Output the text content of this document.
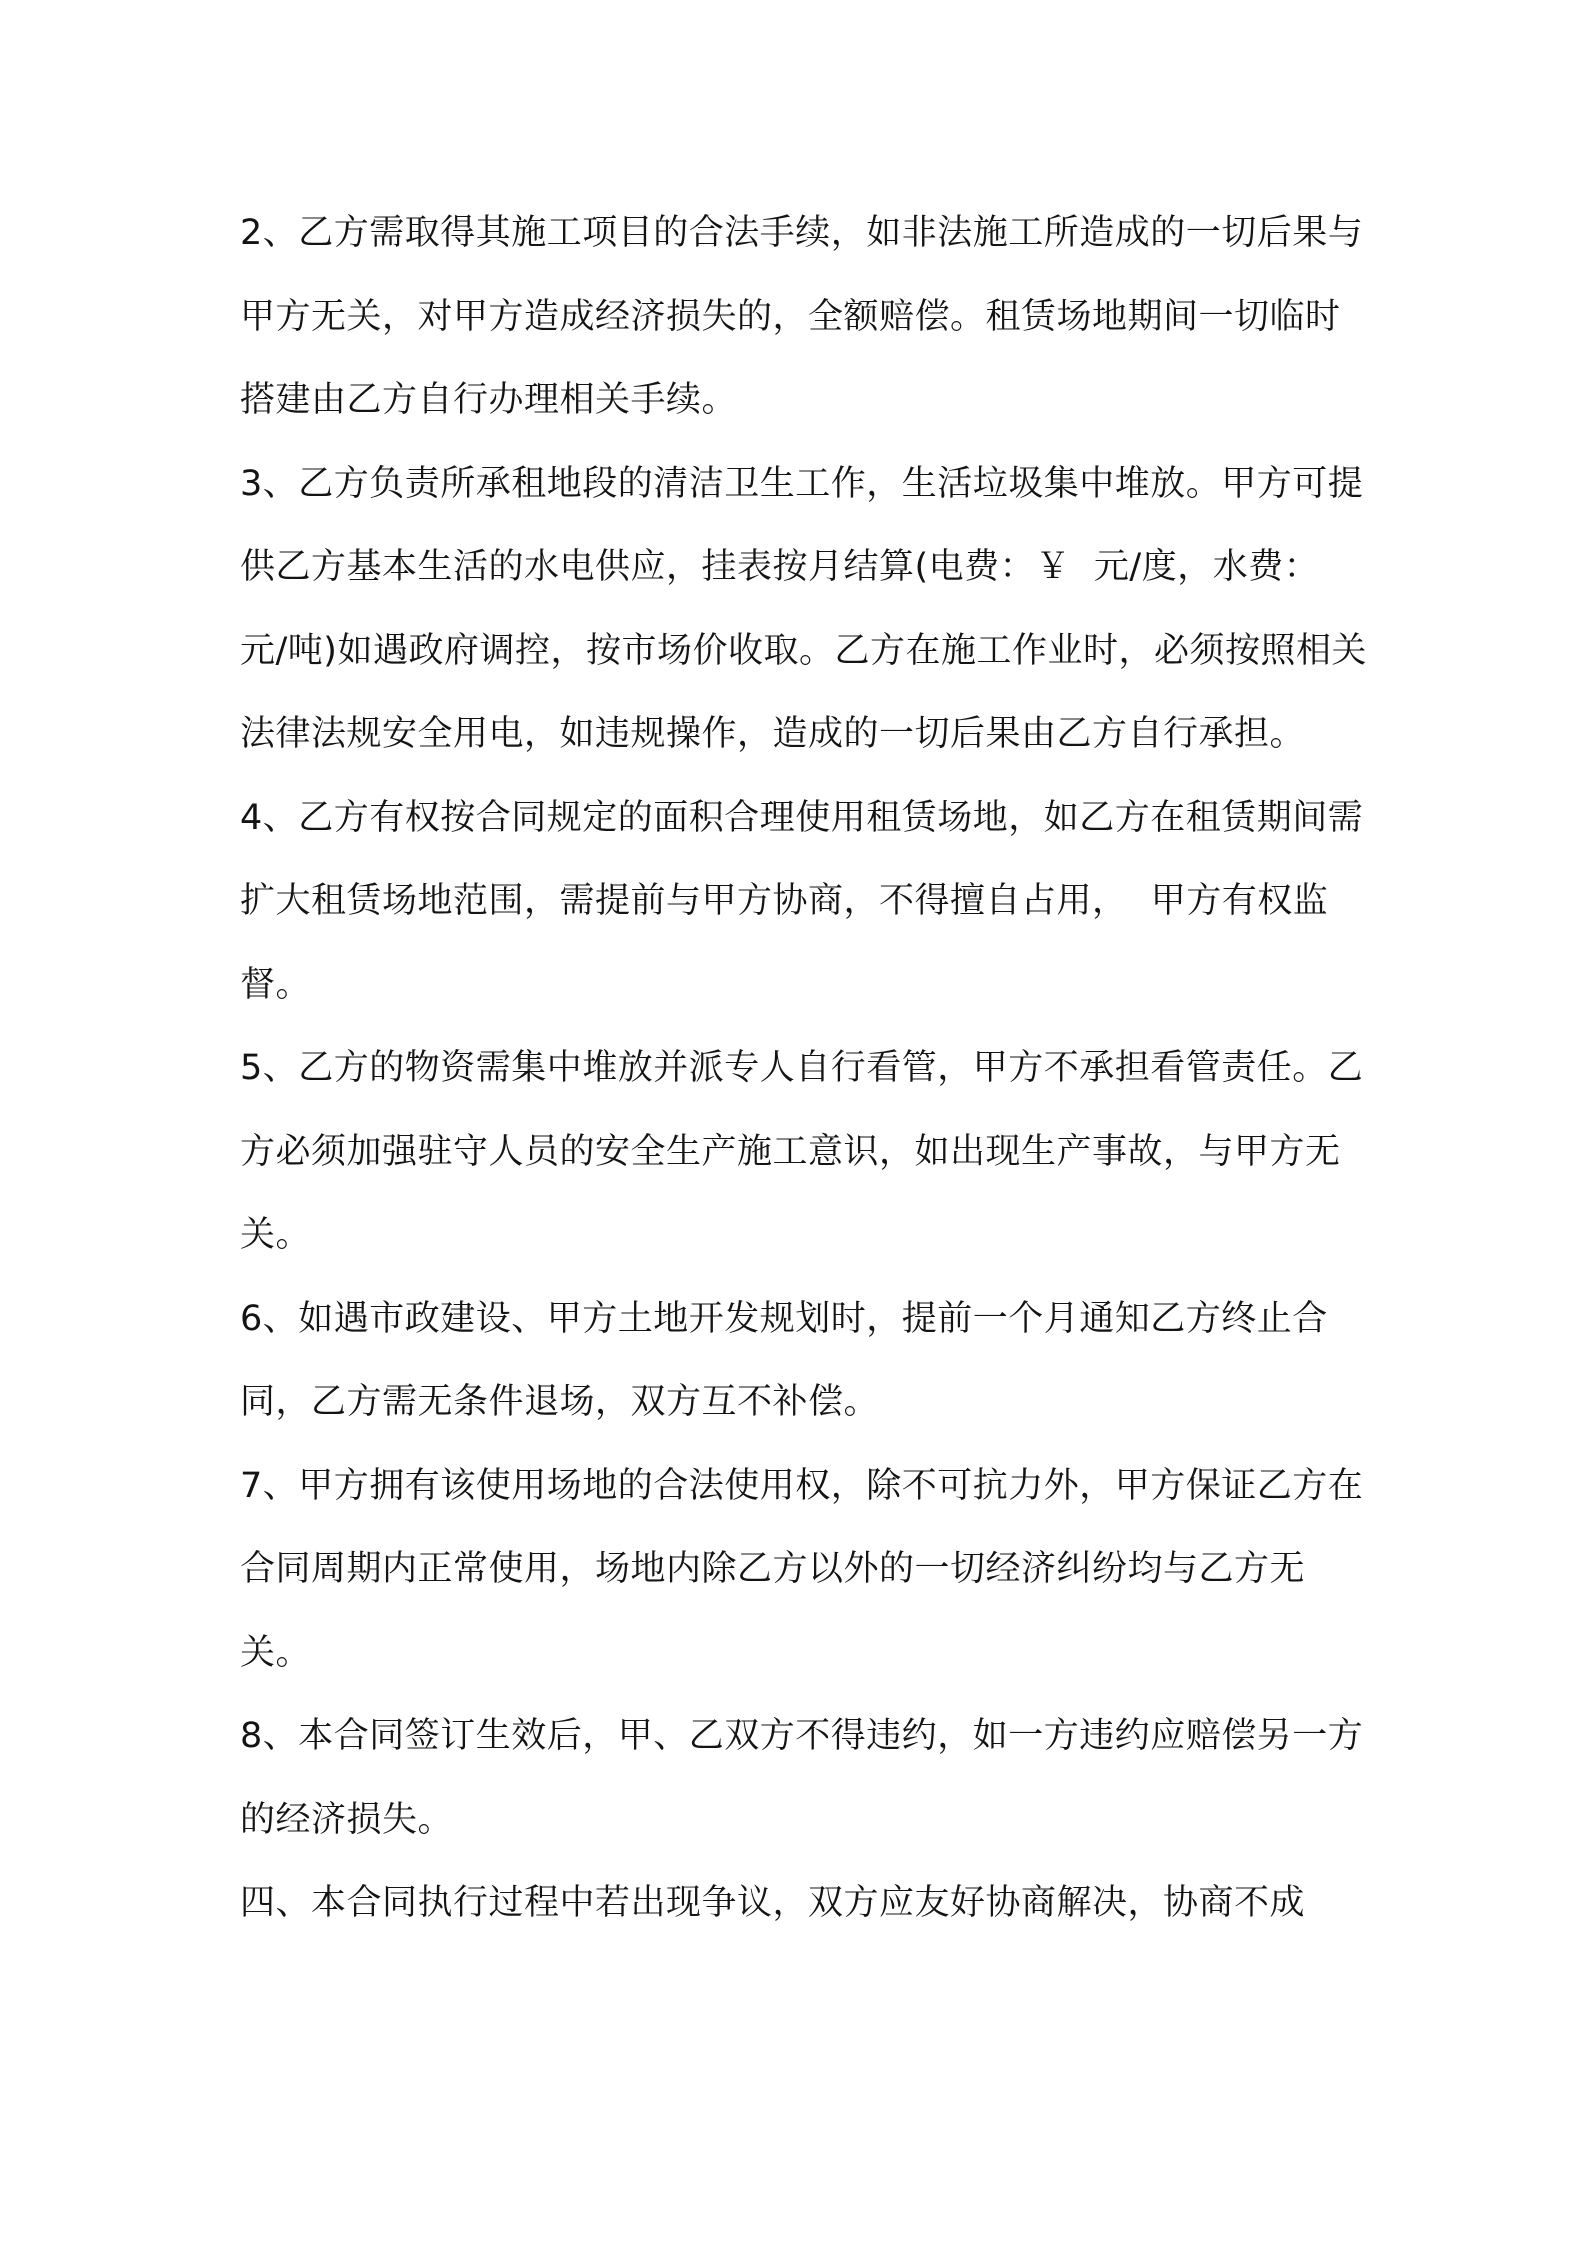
2、乙方需取得其施工项目的合法手续，如非法施工所造成的一切后果与甲方无关，对甲方造成经济损失的，全额赔偿。租赁场地期间一切临时搭建由乙方自行办理相关手续。

3、乙方负责所承租地段的清洁卫生工作，生活垃圾集中堆放。甲方可提供乙方基本生活的水电供应，挂表按月结算(电费：￥  元/度，水费：  元/吨)如遇政府调控，按市场价收取。乙方在施工作业时，必须按照相关法律法规安全用电，如违规操作，造成的一切后果由乙方自行承担。

4、乙方有权按合同规定的面积合理使用租赁场地，如乙方在租赁期间需扩大租赁场地范围，需提前与甲方协商，不得擅自占用，  甲方有权监督。

5、乙方的物资需集中堆放并派专人自行看管，甲方不承担看管责任。乙方必须加强驻守人员的安全生产施工意识，如出现生产事故，与甲方无关。

6、如遇市政建设、甲方土地开发规划时，提前一个月通知乙方终止合同，乙方需无条件退场，双方互不补偿。

7、甲方拥有该使用场地的合法使用权，除不可抗力外，甲方保证乙方在合同周期内正常使用，场地内除乙方以外的一切经济纠纷均与乙方无关。

8、本合同签订生效后，甲、乙双方不得违约，如一方违约应赔偿另一方的经济损失。

四、本合同执行过程中若出现争议，双方应友好协商解决，协商不成
